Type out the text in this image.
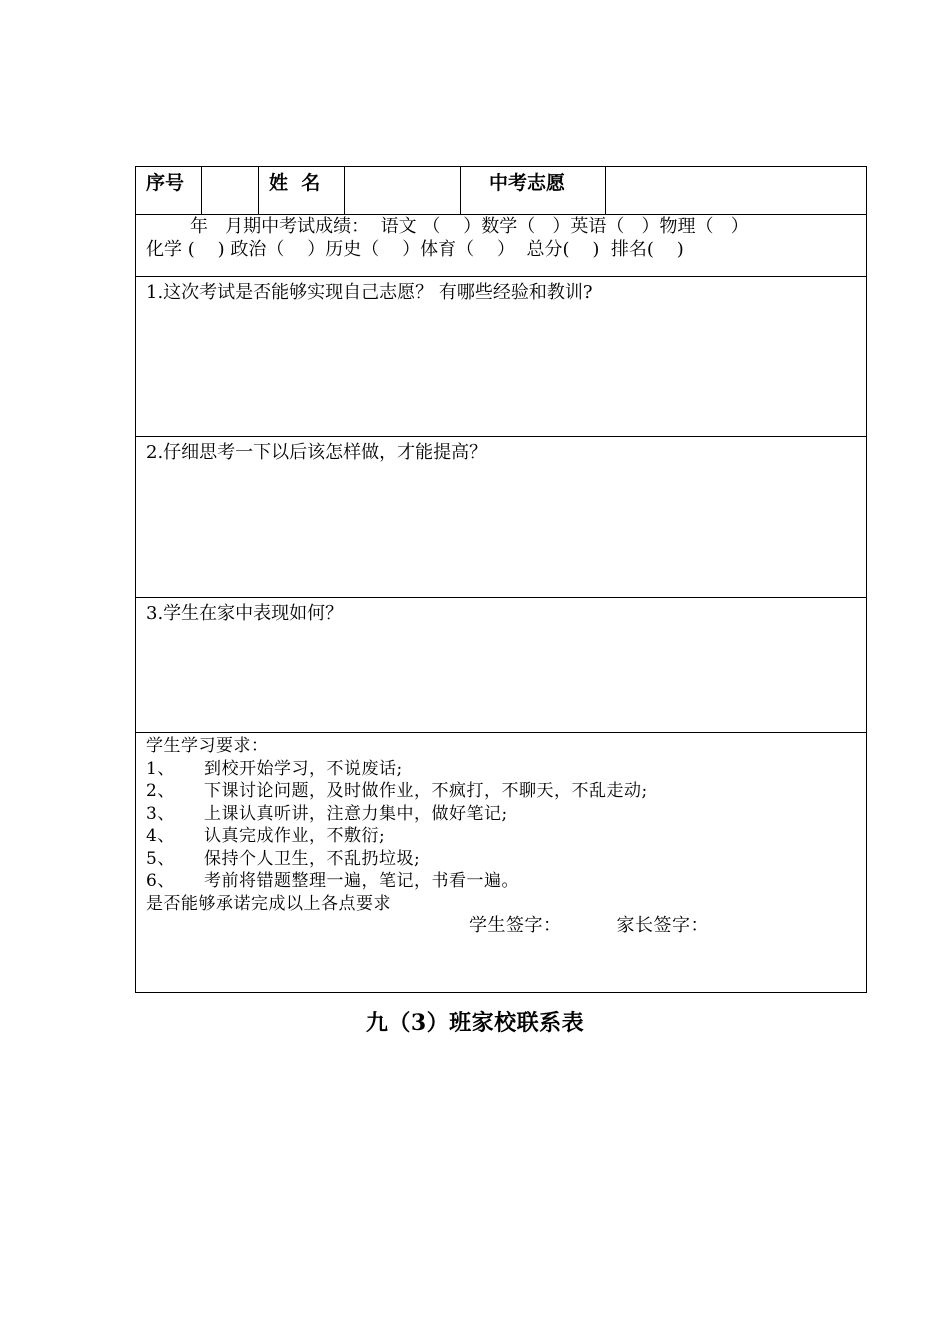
序号	姓  名	中考志愿
年   月期中考试成绩：  语文 （    ）数学（   ）英语（   ）物理（   ）
化学 (    ) 政治（    ）历史（    ）体育（    ）  总分(    )  排名(    )
1.这次考试是否能够实现自己志愿？ 有哪些经验和教训?
2.仔细思考一下以后该怎样做，才能提高？
3.学生在家中表现如何？
学生学习要求：
1、	到校开始学习，不说废话;
2、	下课讨论问题，及时做作业，不疯打，不聊天，不乱走动;
3、	上课认真听讲，注意力集中，做好笔记;
4、	认真完成作业，不敷衍;
5、	保持个人卫生，不乱扔垃圾;
6、	考前将错题整理一遍，笔记，书看一遍。
是否能够承诺完成以上各点要求
学生签字：	家长签字：
九（3）班家校联系表
